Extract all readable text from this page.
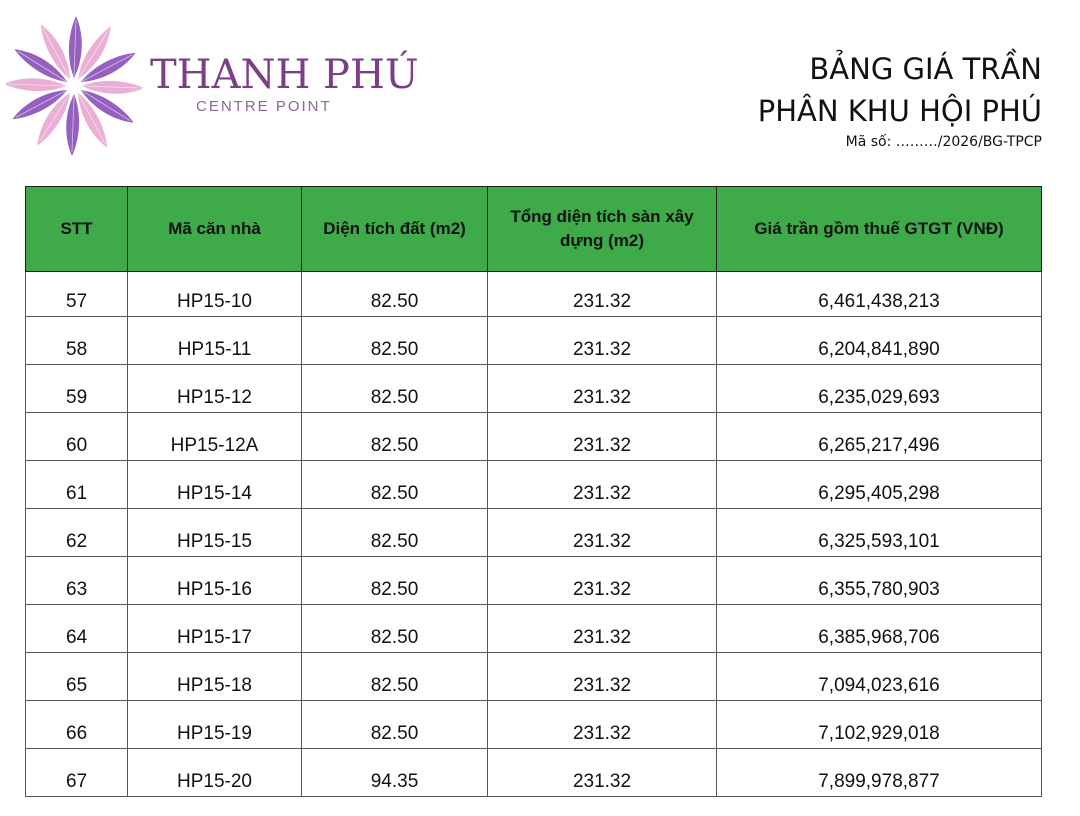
THANH PHÚ
CENTRE POINT
BẢNG GIÁ TRẦN
PHÂN KHU HỘI PHÚ
Mã số: ………/2026/BG-TPCP
STT	Mã căn nhà	Diện tích đất (m2)	Tổng diện tích sàn xây dựng (m2)	Giá trần gồm thuế GTGT (VNĐ)
57	HP15-10	82.50	231.32	6,461,438,213
58	HP15-11	82.50	231.32	6,204,841,890
59	HP15-12	82.50	231.32	6,235,029,693
60	HP15-12A	82.50	231.32	6,265,217,496
61	HP15-14	82.50	231.32	6,295,405,298
62	HP15-15	82.50	231.32	6,325,593,101
63	HP15-16	82.50	231.32	6,355,780,903
64	HP15-17	82.50	231.32	6,385,968,706
65	HP15-18	82.50	231.32	7,094,023,616
66	HP15-19	82.50	231.32	7,102,929,018
67	HP15-20	94.35	231.32	7,899,978,877
